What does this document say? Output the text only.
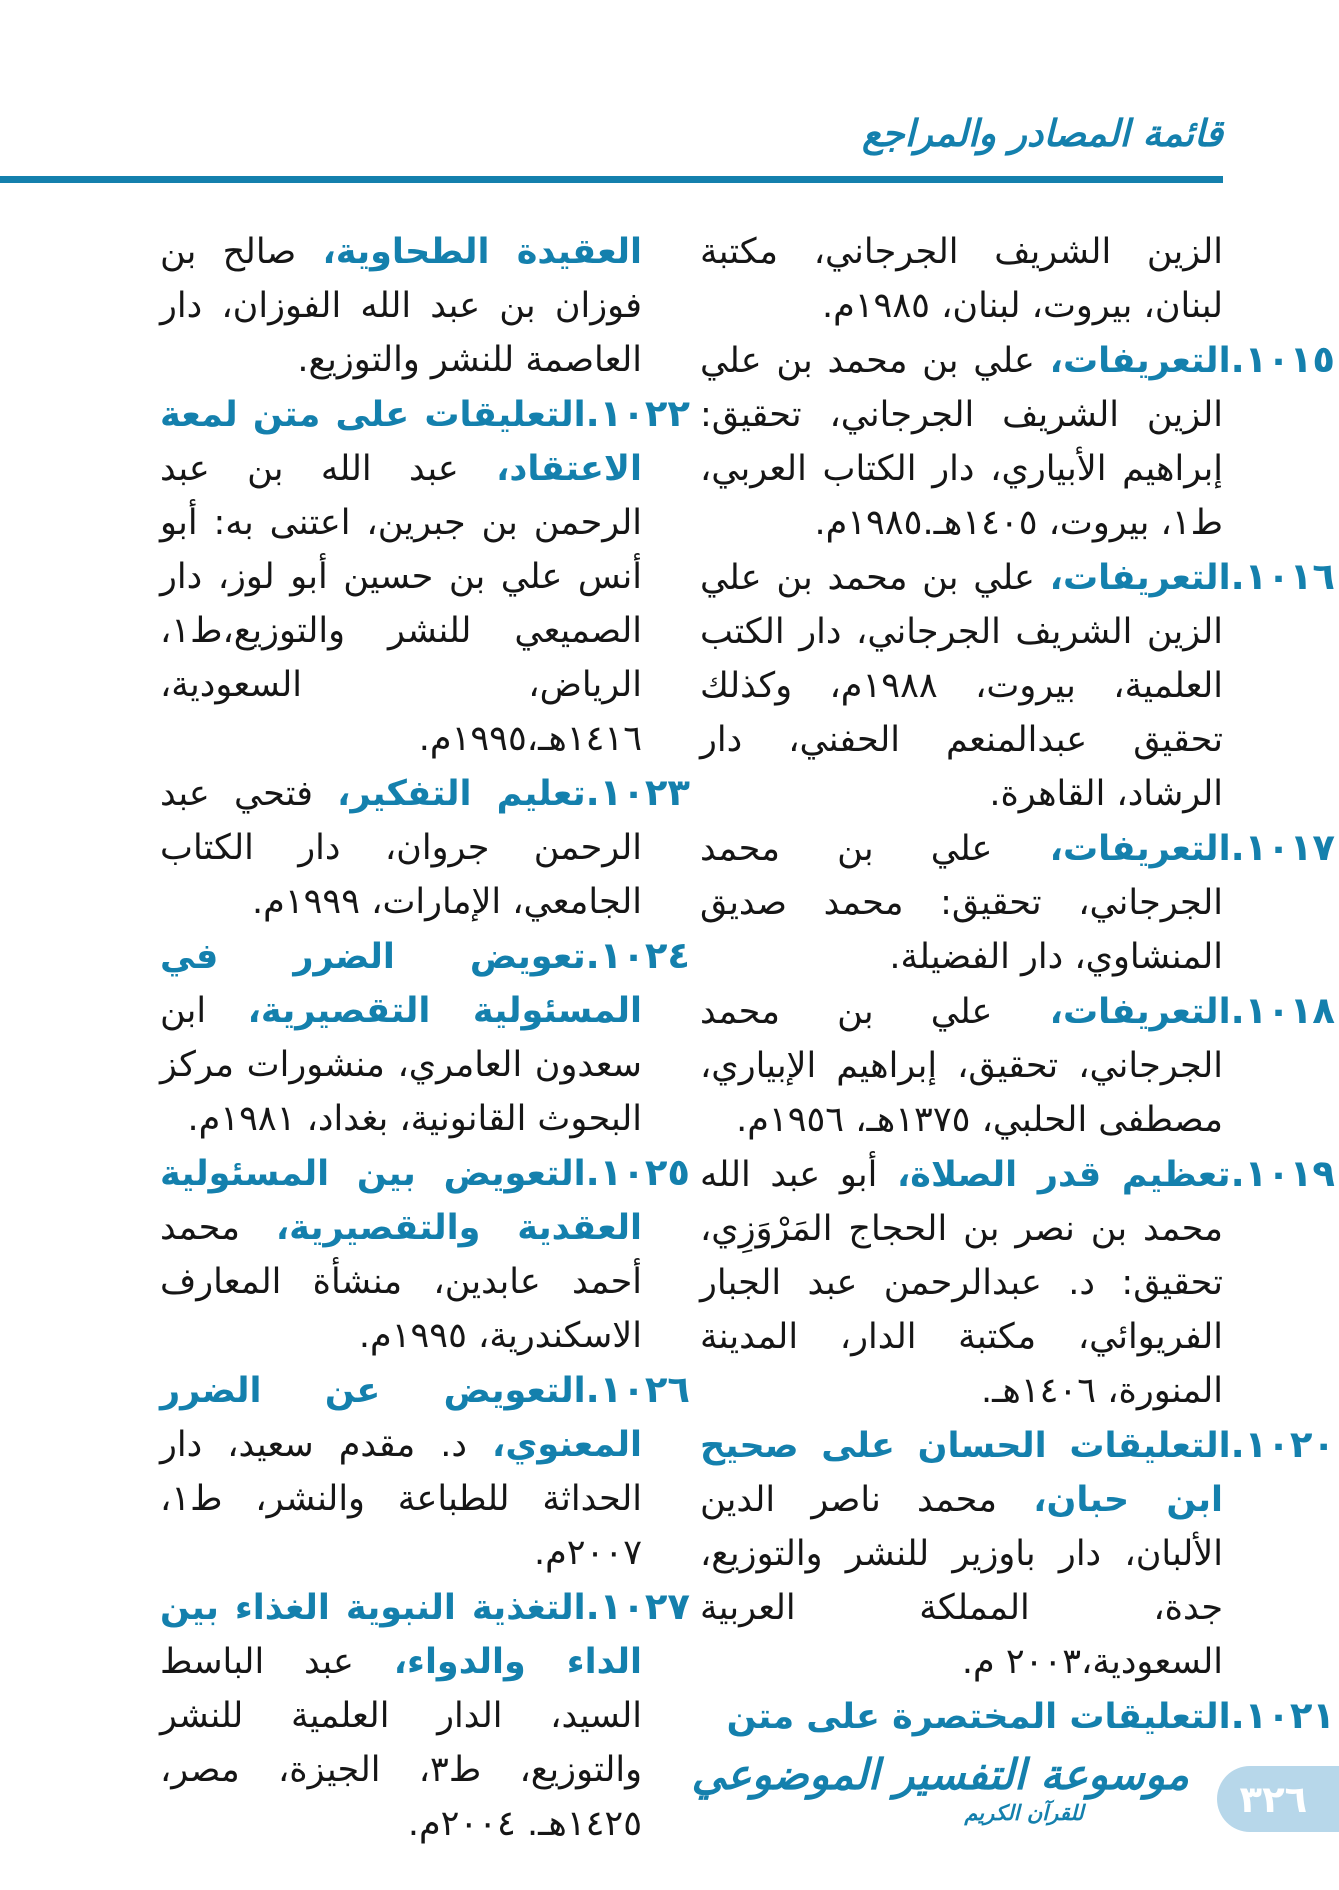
قائمة المصادر والمراجع

الزين الشريف الجرجاني، مكتبة لبنان، بيروت، لبنان، ١٩٨٥م.

١٠١٥.التعريفات، علي بن محمد بن علي الزين الشريف الجرجاني، تحقيق: إبراهيم الأبياري، دار الكتاب العربي، ط١، بيروت، ١٤٠٥هـ.١٩٨٥م.

١٠١٦.التعريفات، علي بن محمد بن علي الزين الشريف الجرجاني، دار الكتب العلمية، بيروت، ١٩٨٨م، وكذلك تحقيق عبدالمنعم الحفني، دار الرشاد، القاهرة.

١٠١٧.التعريفات، علي بن محمد الجرجاني، تحقيق: محمد صديق المنشاوي، دار الفضيلة.

١٠١٨.التعريفات، علي بن محمد الجرجاني، تحقيق، إبراهيم الإبياري، مصطفى الحلبي، ١٣٧٥هـ، ١٩٥٦م.

١٠١٩.تعظيم قدر الصلاة، أبو عبد الله محمد بن نصر بن الحجاج المَرْوَزِي، تحقيق: د. عبدالرحمن عبد الجبار الفريوائي، مكتبة الدار، المدينة المنورة، ١٤٠٦هـ.

١٠٢٠.التعليقات الحسان على صحيح ابن حبان، محمد ناصر الدين الألبان، دار باوزير للنشر والتوزيع، جدة، المملكة العربية السعودية،٢٠٠٣ م.

١٠٢١.التعليقات المختصرة على متن

العقيدة الطحاوية، صالح بن فوزان بن عبد الله الفوزان، دار العاصمة للنشر والتوزيع.

١٠٢٢.التعليقات على متن لمعة الاعتقاد، عبد الله بن عبد الرحمن بن جبرين، اعتنى به: أبو أنس علي بن حسين أبو لوز، دار الصميعي للنشر والتوزيع،ط١، الرياض، السعودية، ١٤١٦هـ،١٩٩٥م.

١٠٢٣.تعليم التفكير، فتحي عبد الرحمن جروان، دار الكتاب الجامعي، الإمارات، ١٩٩٩م.

١٠٢٤.تعويض الضرر في المسئولية التقصيرية، ابن سعدون العامري، منشورات مركز البحوث القانونية، بغداد، ١٩٨١م.

١٠٢٥.التعويض بين المسئولية العقدية والتقصيرية، محمد أحمد عابدين، منشأة المعارف الاسكندرية، ١٩٩٥م.

١٠٢٦.التعويض عن الضرر المعنوي، د. مقدم سعيد، دار الحداثة للطباعة والنشر، ط١، ٢٠٠٧م.

١٠٢٧.التغذية النبوية الغذاء بين الداء والدواء، عبد الباسط السيد، الدار العلمية للنشر والتوزيع، ط٣، الجيزة، مصر، ١٤٢٥هـ. ٢٠٠٤م.

موسوعة التفسير الموضوعي
للقرآن الكريم	٣٢٦
